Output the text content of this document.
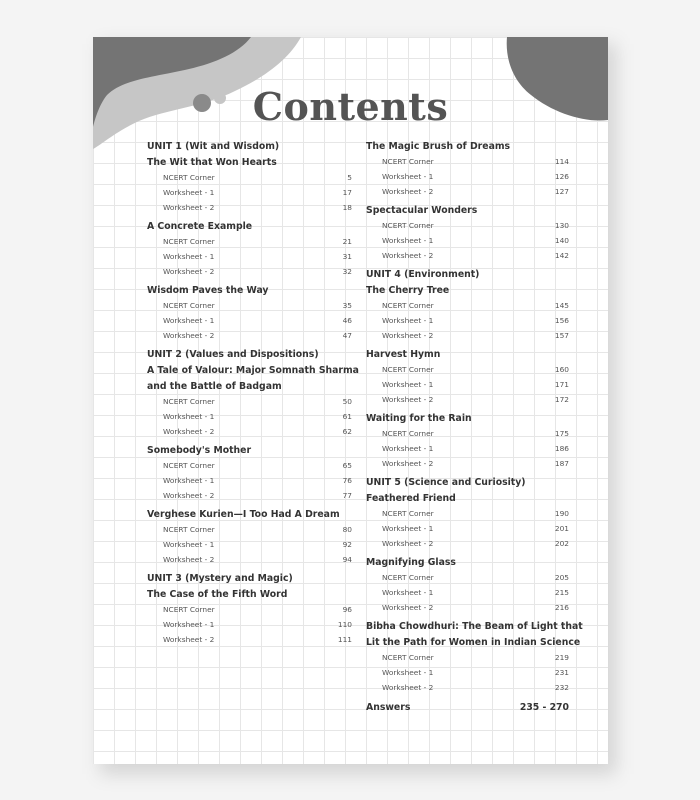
Contents
UNIT 1 (Wit and Wisdom)
The Wit that Won Hearts
NCERT Corner	5
Worksheet - 1	17
Worksheet - 2	18
A Concrete Example
NCERT Corner	21
Worksheet - 1	31
Worksheet - 2	32
Wisdom Paves the Way
NCERT Corner	35
Worksheet - 1	46
Worksheet - 2	47
UNIT 2 (Values and Dispositions)
A Tale of Valour: Major Somnath Sharma
and the Battle of Badgam
NCERT Corner	50
Worksheet - 1	61
Worksheet - 2	62
Somebody's Mother
NCERT Corner	65
Worksheet - 1	76
Worksheet - 2	77
Verghese Kurien—I Too Had A Dream
NCERT Corner	80
Worksheet - 1	92
Worksheet - 2	94
UNIT 3 (Mystery and Magic)
The Case of the Fifth Word
NCERT Corner	96
Worksheet - 1	110
Worksheet - 2	111
The Magic Brush of Dreams
NCERT Corner	114
Worksheet - 1	126
Worksheet - 2	127
Spectacular Wonders
NCERT Corner	130
Worksheet - 1	140
Worksheet - 2	142
UNIT 4 (Environment)
The Cherry Tree
NCERT Corner	145
Worksheet - 1	156
Worksheet - 2	157
Harvest Hymn
NCERT Corner	160
Worksheet - 1	171
Worksheet - 2	172
Waiting for the Rain
NCERT Corner	175
Worksheet - 1	186
Worksheet - 2	187
UNIT 5 (Science and Curiosity)
Feathered Friend
NCERT Corner	190
Worksheet - 1	201
Worksheet - 2	202
Magnifying Glass
NCERT Corner	205
Worksheet - 1	215
Worksheet - 2	216
Bibha Chowdhuri: The Beam of Light that
Lit the Path for Women in Indian Science
NCERT Corner	219
Worksheet - 1	231
Worksheet - 2	232
Answers	235 - 270
